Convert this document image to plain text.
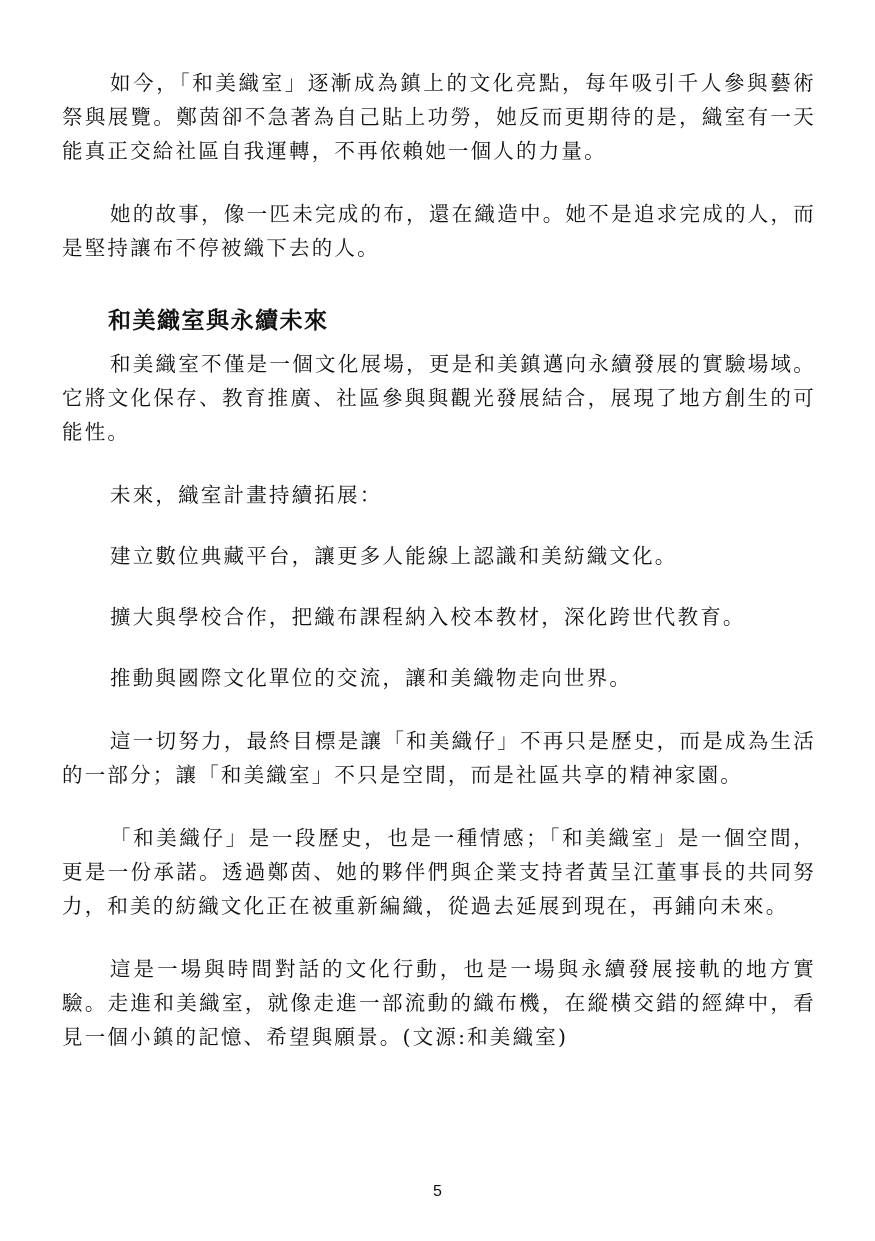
如今，「和美織室」逐漸成為鎮上的文化亮點，每年吸引千人參與藝術祭與展覽。鄭茵卻不急著為自己貼上功勞，她反而更期待的是，織室有一天能真正交給社區自我運轉，不再依賴她一個人的力量。

她的故事，像一匹未完成的布，還在織造中。她不是追求完成的人，而是堅持讓布不停被織下去的人。

和美織室與永續未來

和美織室不僅是一個文化展場，更是和美鎮邁向永續發展的實驗場域。它將文化保存、教育推廣、社區參與與觀光發展結合，展現了地方創生的可能性。

未來，織室計畫持續拓展：

建立數位典藏平台，讓更多人能線上認識和美紡織文化。

擴大與學校合作，把織布課程納入校本教材，深化跨世代教育。

推動與國際文化單位的交流，讓和美織物走向世界。

這一切努力，最終目標是讓「和美織仔」不再只是歷史，而是成為生活的一部分；讓「和美織室」不只是空間，而是社區共享的精神家園。

「和美織仔」是一段歷史，也是一種情感；「和美織室」是一個空間，更是一份承諾。透過鄭茵、她的夥伴們與企業支持者黃呈江董事長的共同努力，和美的紡織文化正在被重新編織，從過去延展到現在，再鋪向未來。

這是一場與時間對話的文化行動，也是一場與永續發展接軌的地方實驗。走進和美織室，就像走進一部流動的織布機，在縱橫交錯的經緯中，看見一個小鎮的記憶、希望與願景。(文源:和美織室)

5
